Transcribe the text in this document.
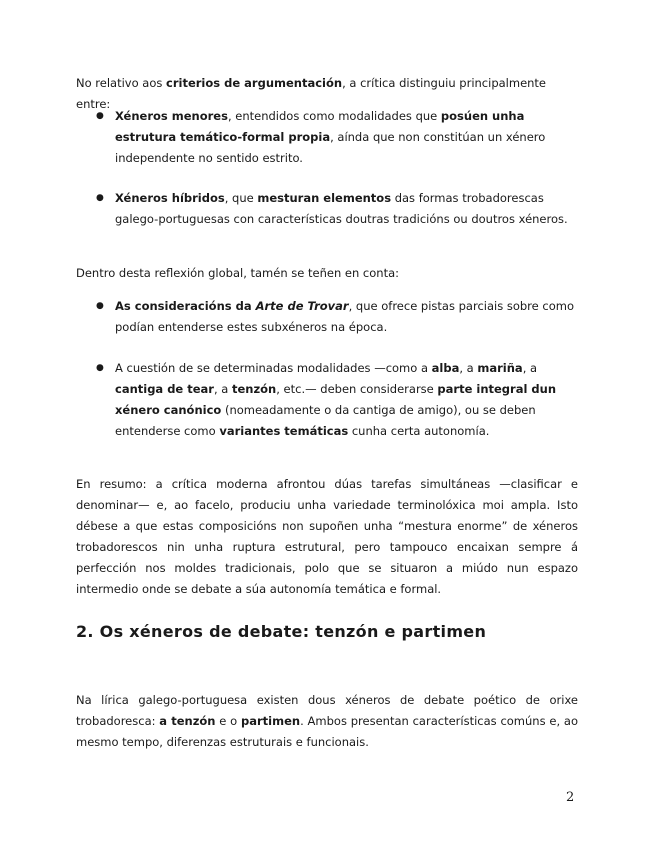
No relativo aos criterios de argumentación, a crítica distinguiu principalmente entre:

● Xéneros menores, entendidos como modalidades que posúen unha estrutura temático-formal propia, aínda que non constitúan un xénero independente no sentido estrito.
● Xéneros híbridos, que mesturan elementos das formas trobadorescas galego-portuguesas con características doutras tradicións ou doutros xéneros.

Dentro desta reflexión global, tamén se teñen en conta:

● As consideracións da Arte de Trovar, que ofrece pistas parciais sobre como podían entenderse estes subxéneros na época.
● A cuestión de se determinadas modalidades —como a alba, a mariña, a cantiga de tear, a tenzón, etc.— deben considerarse parte integral dun xénero canónico (nomeadamente o da cantiga de amigo), ou se deben entenderse como variantes temáticas cunha certa autonomía.

En resumo: a crítica moderna afrontou dúas tarefas simultáneas —clasificar e denominar— e, ao facelo, produciu unha variedade terminolóxica moi ampla. Isto débese a que estas composicións non supoñen unha “mestura enorme” de xéneros trobadorescos nin unha ruptura estrutural, pero tampouco encaixan sempre á perfección nos moldes tradicionais, polo que se situaron a miúdo nun espazo intermedio onde se debate a súa autonomía temática e formal.

2. Os xéneros de debate: tenzón e partimen

Na lírica galego-portuguesa existen dous xéneros de debate poético de orixe trobadoresca: a tenzón e o partimen. Ambos presentan características comúns e, ao mesmo tempo, diferenzas estruturais e funcionais.

2
